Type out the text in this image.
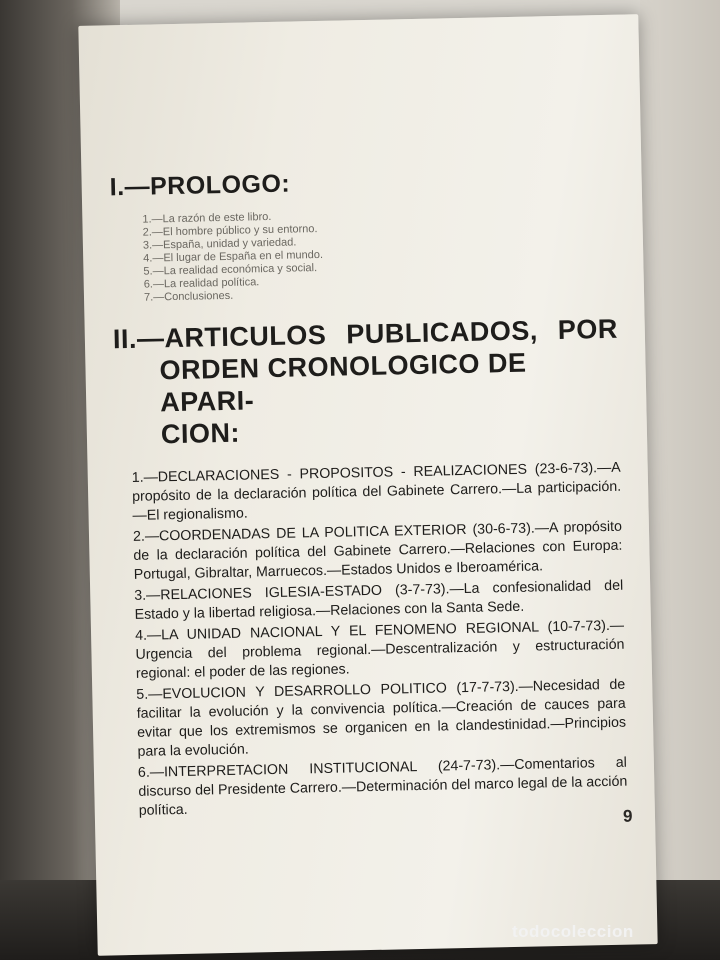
I.—PROLOGO:
1.—La razón de este libro.
2.—El hombre público y su entorno.
3.—España, unidad y variedad.
4.—El lugar de España en el mundo.
5.—La realidad económica y social.
6.—La realidad política.
7.—Conclusiones.
II.—ARTICULOS PUBLICADOS, POR
ORDEN CRONOLOGICO DE APARI-
CION:
1.—DECLARACIONES - PROPOSITOS - REALIZACIONES (23-6-73).—A propósito de la declaración política del Gabinete Carrero.—La participación.—El regionalismo.
2.—COORDENADAS DE LA POLITICA EXTERIOR (30-6-73).—A propósito de la declaración política del Gabinete Carrero.—Relaciones con Europa: Portugal, Gibraltar, Marruecos.—Estados Unidos e Iberoamérica.
3.—RELACIONES IGLESIA-ESTADO (3-7-73).—La confesionalidad del Estado y la libertad religiosa.—Relaciones con la Santa Sede.
4.—LA UNIDAD NACIONAL Y EL FENOMENO REGIONAL (10-7-73).—Urgencia del problema regional.—Descentralización y estructuración regional: el poder de las regiones.
5.—EVOLUCION Y DESARROLLO POLITICO (17-7-73).—Necesidad de facilitar la evolución y la convivencia política.—Creación de cauces para evitar que los extremismos se organicen en la clandestinidad.—Principios para la evolución.
6.—INTERPRETACION INSTITUCIONAL (24-7-73).—Comentarios al discurso del Presidente Carrero.—Determinación del marco legal de la acción política.	9
todocoleccion
